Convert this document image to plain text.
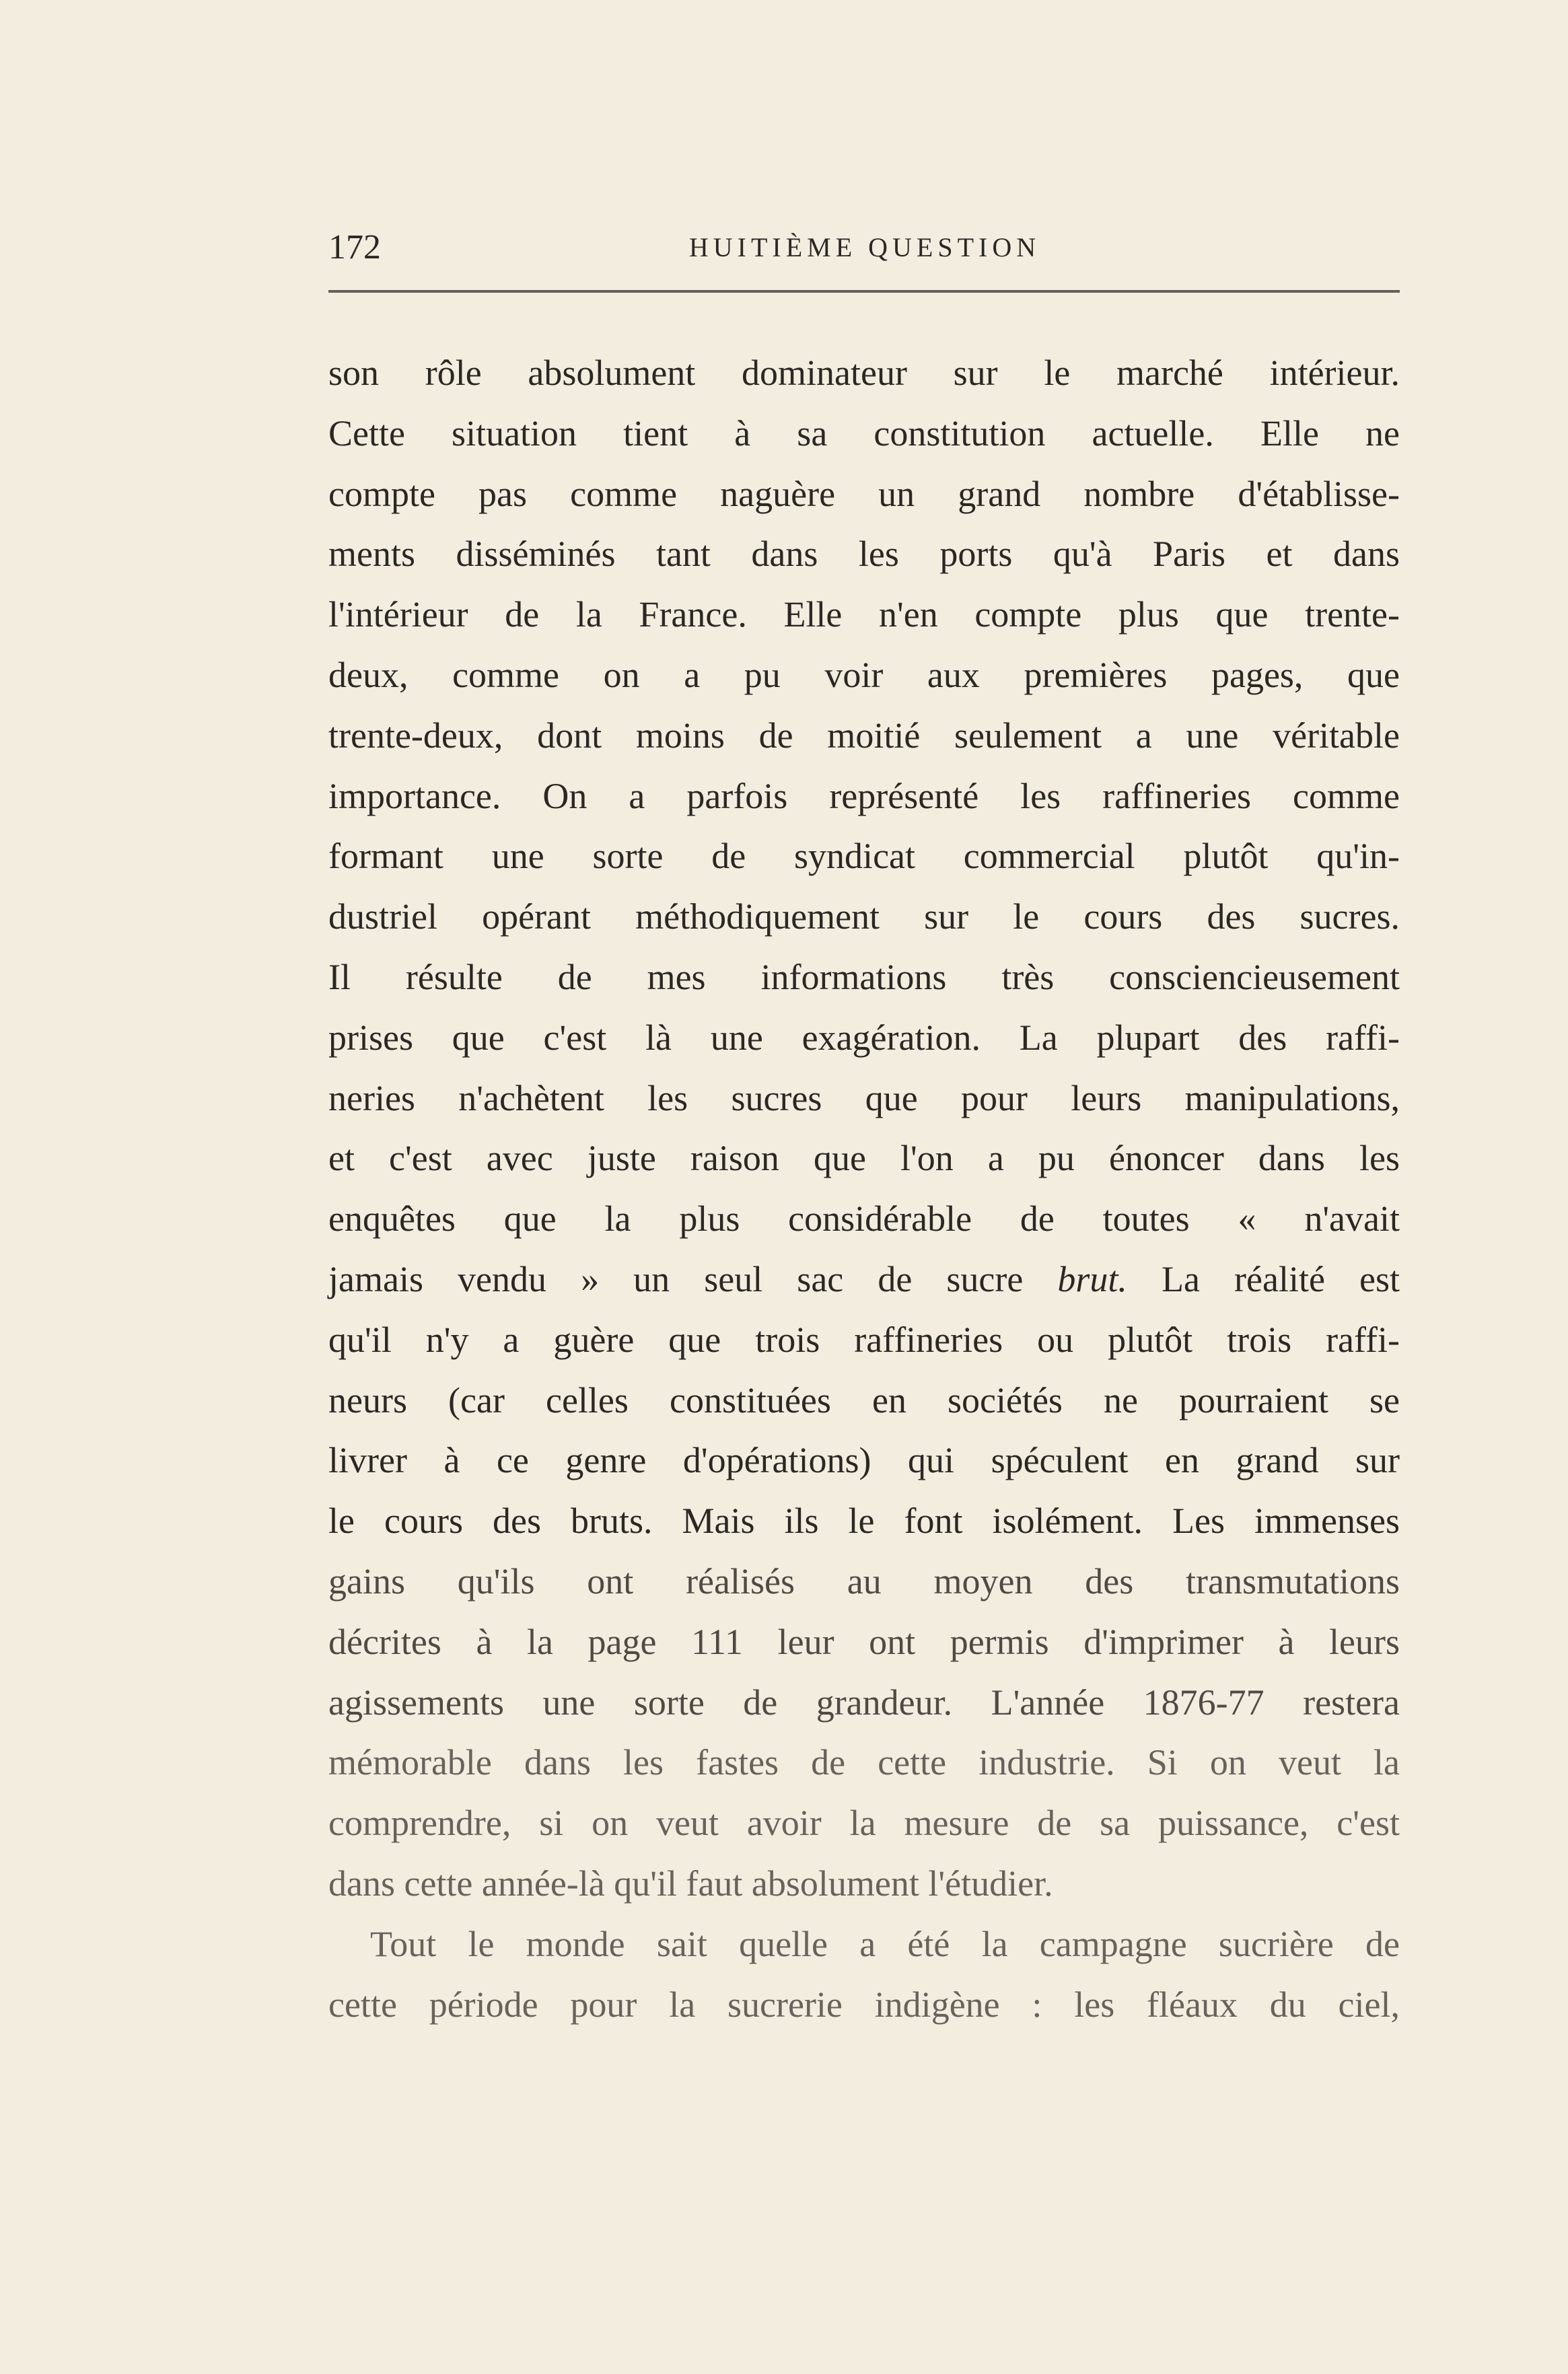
172	HUITIÈME QUESTION
son rôle absolument dominateur sur le marché intérieur.
Cette situation tient à sa constitution actuelle. Elle ne
compte pas comme naguère un grand nombre d'établisse-
ments disséminés tant dans les ports qu'à Paris et dans
l'intérieur de la France. Elle n'en compte plus que trente-
deux, comme on a pu voir aux premières pages, que
trente-deux, dont moins de moitié seulement a une véritable
importance. On a parfois représenté les raffineries comme
formant une sorte de syndicat commercial plutôt qu'in-
dustriel opérant méthodiquement sur le cours des sucres.
Il résulte de mes informations très consciencieusement
prises que c'est là une exagération. La plupart des raffi-
neries n'achètent les sucres que pour leurs manipulations,
et c'est avec juste raison que l'on a pu énoncer dans les
enquêtes que la plus considérable de toutes « n'avait
jamais vendu » un seul sac de sucre brut. La réalité est
qu'il n'y a guère que trois raffineries ou plutôt trois raffi-
neurs (car celles constituées en sociétés ne pourraient se
livrer à ce genre d'opérations) qui spéculent en grand sur
le cours des bruts. Mais ils le font isolément. Les immenses
gains qu'ils ont réalisés au moyen des transmutations
décrites à la page 111 leur ont permis d'imprimer à leurs
agissements une sorte de grandeur. L'année 1876-77 restera
mémorable dans les fastes de cette industrie. Si on veut la
comprendre, si on veut avoir la mesure de sa puissance, c'est
dans cette année-là qu'il faut absolument l'étudier.
Tout le monde sait quelle a été la campagne sucrière de
cette période pour la sucrerie indigène : les fléaux du ciel,
